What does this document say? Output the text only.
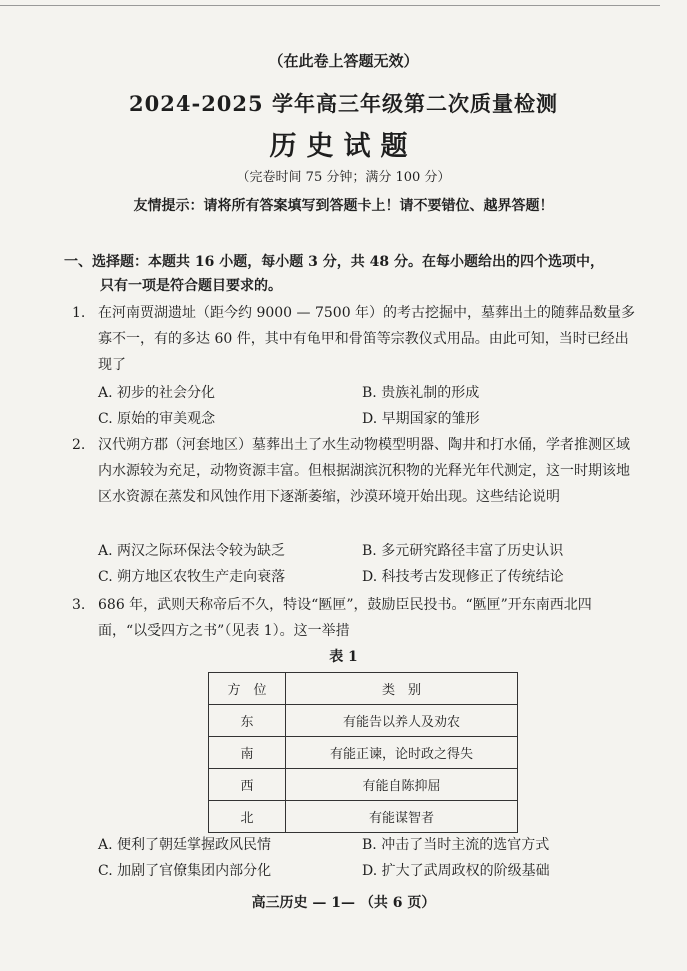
（在此卷上答题无效）
2024-2025 学年高三年级第二次质量检测
历史试题
（完卷时间 75 分钟；满分 100 分）
友情提示：请将所有答案填写到答题卡上！请不要错位、越界答题！
一、选择题：本题共 16 小题，每小题 3 分，共 48 分。在每小题给出的四个选项中，
只有一项是符合题目要求的。
1. 在河南贾湖遗址（距今约 9000 — 7500 年）的考古挖掘中，墓葬出土的随葬品数量多寡不一，有的多达 60 件，其中有龟甲和骨笛等宗教仪式用品。由此可知，当时已经出现了
A. 初步的社会分化	B. 贵族礼制的形成
C. 原始的审美观念	D. 早期国家的雏形
2. 汉代朔方郡（河套地区）墓葬出土了水生动物模型明器、陶井和打水俑，学者推测区域内水源较为充足，动物资源丰富。但根据湖滨沉积物的光释光年代测定，这一时期该地区水资源在蒸发和风蚀作用下逐渐萎缩，沙漠环境开始出现。这些结论说明
A. 两汉之际环保法令较为缺乏	B. 多元研究路径丰富了历史认识
C. 朔方地区农牧生产走向衰落	D. 科技考古发现修正了传统结论
3. 686 年，武则天称帝后不久，特设“匦匣”，鼓励臣民投书。“匦匣”开东南西北四面，“以受四方之书”（见表 1）。这一举措
表 1
方　位	类　别
东	有能告以养人及劝农
南	有能正谏，论时政之得失
西	有能自陈抑屈
北	有能谋智者
A. 便利了朝廷掌握政风民情	B. 冲击了当时主流的选官方式
C. 加剧了官僚集团内部分化	D. 扩大了武周政权的阶级基础
高三历史 — 1— （共 6 页）
